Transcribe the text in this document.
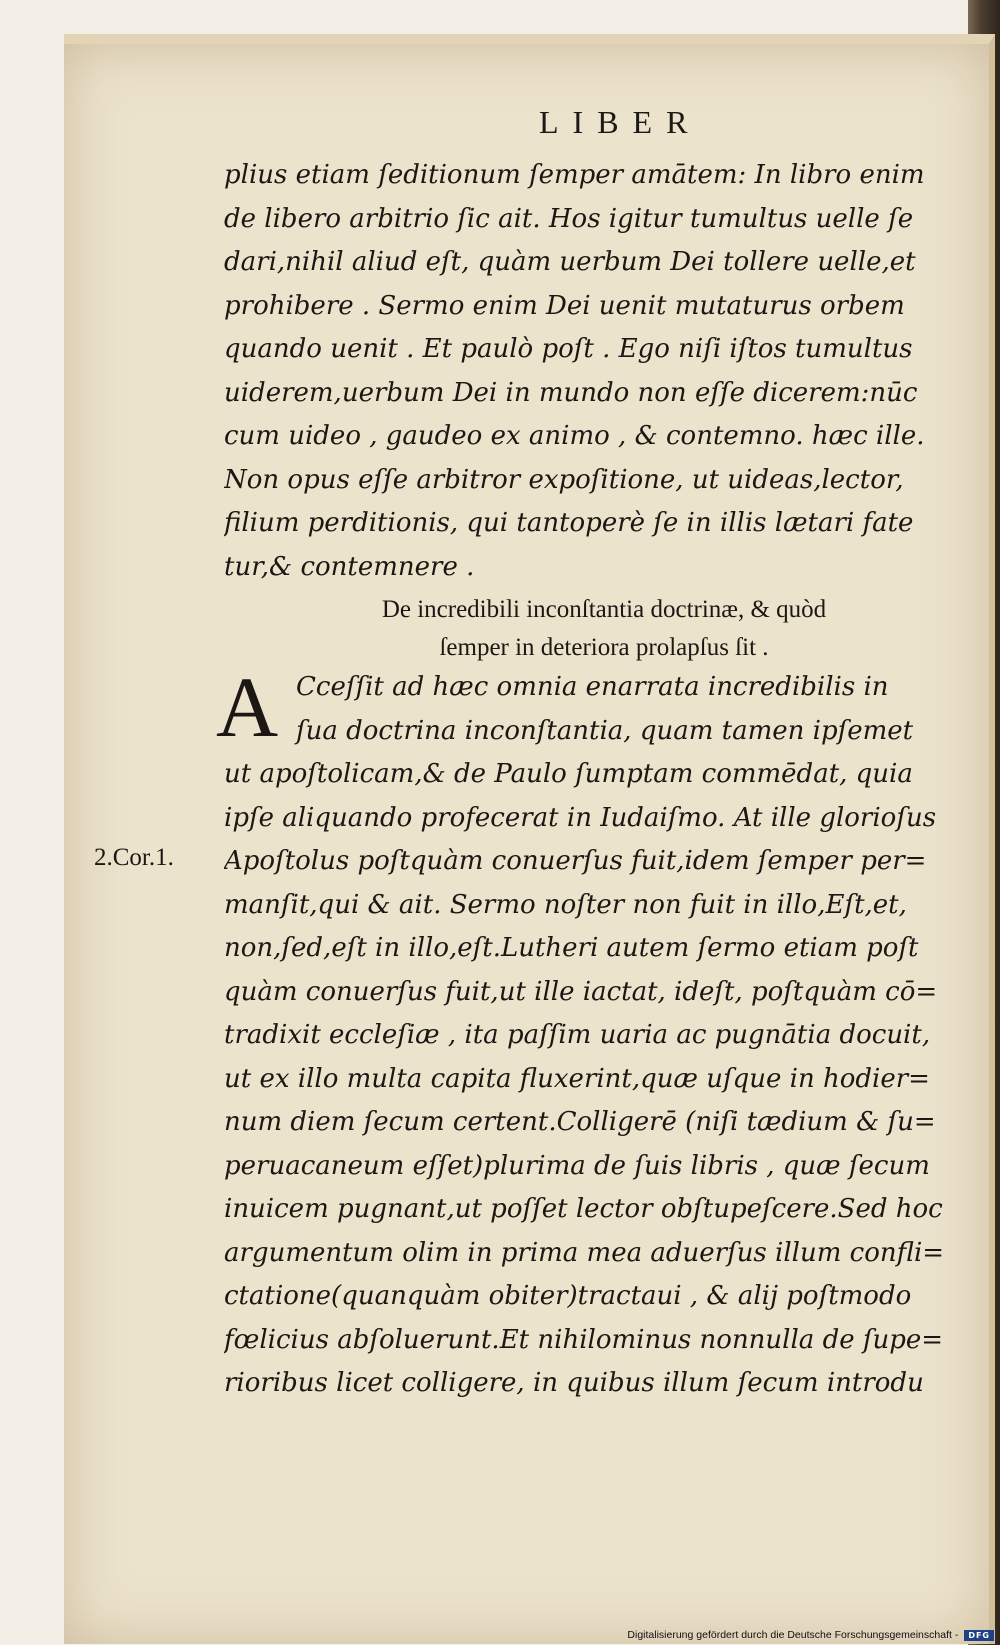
LIBER

plius etiam ſeditionum ſemper amātem: In libro enim

de libero arbitrio ſic ait. Hos igitur tumultus uelle ſe

dari,nihil aliud eſt, quàm uerbum Dei tollere uelle,et

prohibere . Sermo enim Dei uenit mutaturus orbem

quando uenit . Et paulò poſt . Ego niſi iſtos tumultus

uiderem,uerbum Dei in mundo non eſſe dicerem:nūc

cum uideo , gaudeo ex animo , & contemno. hæc ille.

Non opus eſſe arbitror expoſitione, ut uideas,lector,

filium perditionis, qui tantoperè ſe in illis lætari fate

tur,& contemnere .

De incredibili inconſtantia doctrinæ, & quòd

ſemper in deteriora prolapſus ſit .

A Cceſſit ad hæc omnia enarrata incredibilis in

ſua doctrina inconſtantia, quam tamen ipſemet

ut apoſtolicam,& de Paulo ſumptam commēdat, quia

ipſe aliquando profecerat in Iudaiſmo. At ille glorioſus

Apoſtolus poſtquàm conuerſus fuit,idem ſemper per=

manſit,qui & ait. Sermo noſter non fuit in illo,Eſt,et,

non,ſed,eſt in illo,eſt.Lutheri autem ſermo etiam poſt

quàm conuerſus fuit,ut ille iactat, ideſt, poſtquàm cō=

tradixit eccleſiæ , ita paſſim uaria ac pugnātia docuit,

ut ex illo multa capita fluxerint,quæ uſque in hodier=

num diem ſecum certent.Colligerē (niſi tædium & ſu=

peruacaneum eſſet)plurima de ſuis libris , quæ ſecum

inuicem pugnant,ut poſſet lector obſtupeſcere.Sed hoc

argumentum olim in prima mea aduerſus illum confli=

ctatione(quanquàm obiter)tractaui , & alij poſtmodo

fœlicius abſoluerunt.Et nihilominus nonnulla de ſupe=

rioribus licet colligere, in quibus illum ſecum introdu

2.Cor.1.
Digitalisierung gefördert durch die Deutsche Forschungsgemeinschaft -	DFG
